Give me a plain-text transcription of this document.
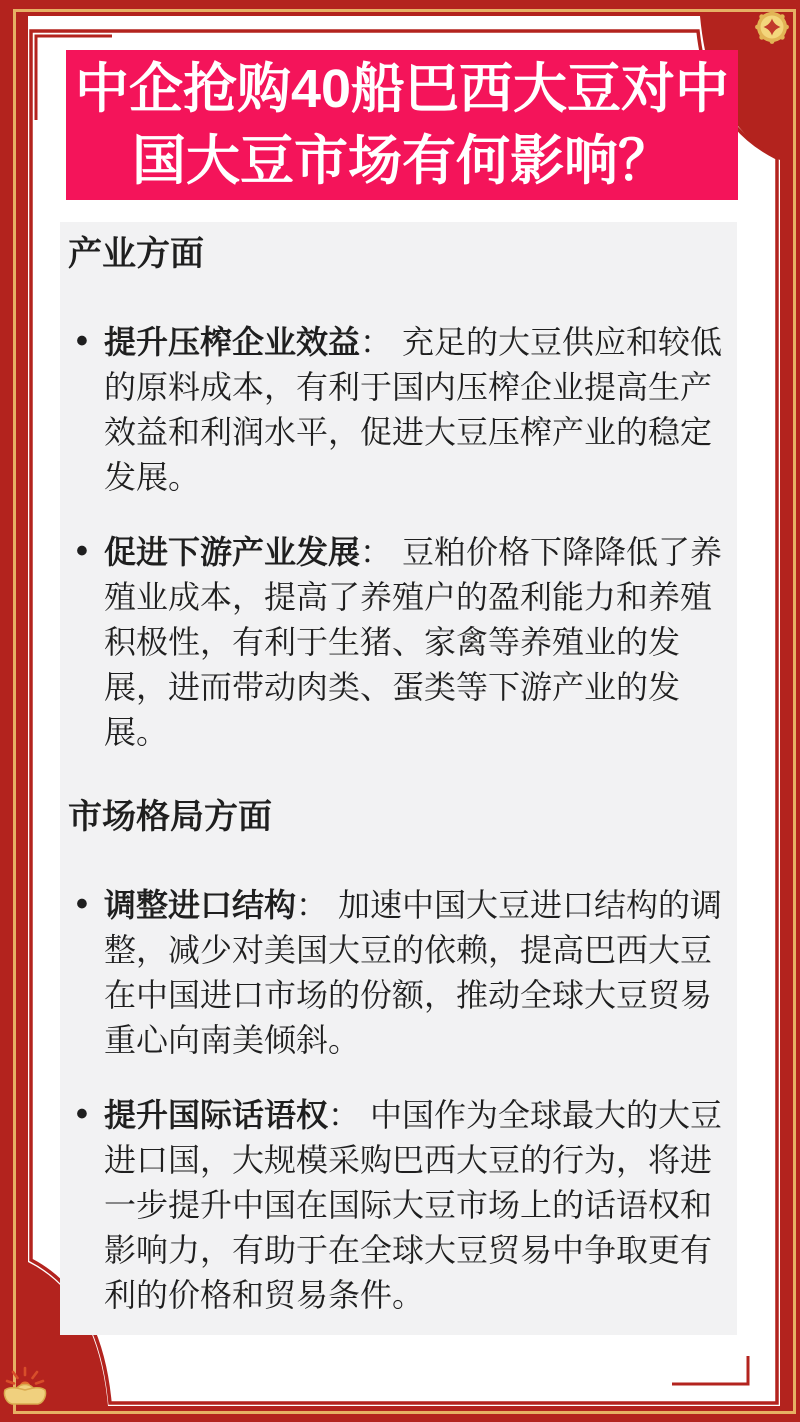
中企抢购40船巴西大豆对中国大豆市场有何影响？
产业方面
• 提升压榨企业效益： 充足的大豆供应和较低的原料成本，有利于国内压榨企业提高生产效益和利润水平，促进大豆压榨产业的稳定发展。
• 促进下游产业发展： 豆粕价格下降降低了养殖业成本，提高了养殖户的盈利能力和养殖积极性，有利于生猪、家禽等养殖业的发展，进而带动肉类、蛋类等下游产业的发展。
市场格局方面
• 调整进口结构： 加速中国大豆进口结构的调整，减少对美国大豆的依赖，提高巴西大豆在中国进口市场的份额，推动全球大豆贸易重心向南美倾斜。
• 提升国际话语权： 中国作为全球最大的大豆进口国，大规模采购巴西大豆的行为，将进一步提升中国在国际大豆市场上的话语权和影响力，有助于在全球大豆贸易中争取更有利的价格和贸易条件。
